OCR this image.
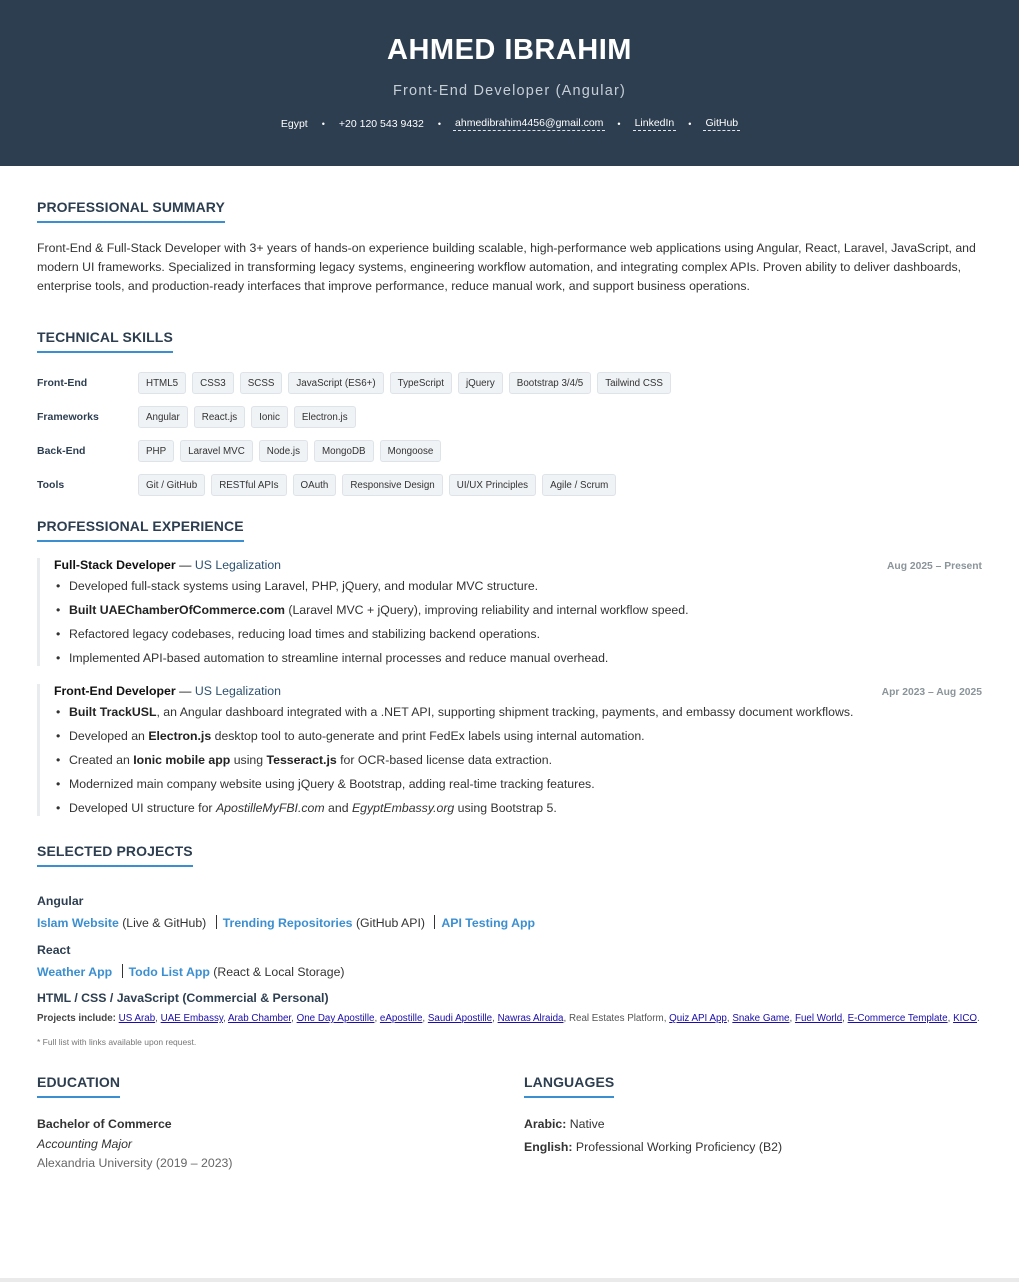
AHMED IBRAHIM
Front-End Developer (Angular)
Egypt • +20 120 543 9432 • ahmedibrahim4456@gmail.com • LinkedIn • GitHub
PROFESSIONAL SUMMARY

Front-End & Full-Stack Developer with 3+ years of hands-on experience building scalable, high-performance web applications using Angular, React, Laravel, JavaScript, and modern UI frameworks. Specialized in transforming legacy systems, engineering workflow automation, and integrating complex APIs. Proven ability to deliver dashboards, enterprise tools, and production-ready interfaces that improve performance, reduce manual work, and support business operations.

TECHNICAL SKILLS
Front-End	HTML5	CSS3	SCSS	JavaScript (ES6+)	TypeScript	jQuery	Bootstrap 3/4/5	Tailwind CSS
Frameworks	Angular	React.js	Ionic	Electron.js
Back-End	PHP	Laravel MVC	Node.js	MongoDB	Mongoose
Tools	Git / GitHub	RESTful APIs	OAuth	Responsive Design	UI/UX Principles	Agile / Scrum
PROFESSIONAL EXPERIENCE
Full-Stack Developer — US Legalization	Aug 2025 – Present
• Developed full-stack systems using Laravel, PHP, jQuery, and modular MVC structure.
• Built UAEChamberOfCommerce.com (Laravel MVC + jQuery), improving reliability and internal workflow speed.
• Refactored legacy codebases, reducing load times and stabilizing backend operations.
• Implemented API-based automation to streamline internal processes and reduce manual overhead.
Front-End Developer — US Legalization	Apr 2023 – Aug 2025
• Built TrackUSL, an Angular dashboard integrated with a .NET API, supporting shipment tracking, payments, and embassy document workflows.
• Developed an Electron.js desktop tool to auto-generate and print FedEx labels using internal automation.
• Created an Ionic mobile app using Tesseract.js for OCR-based license data extraction.
• Modernized main company website using jQuery & Bootstrap, adding real-time tracking features.
• Developed UI structure for ApostilleMyFBI.com and EgyptEmbassy.org using Bootstrap 5.
SELECTED PROJECTS
Angular
Islam Website (Live & GitHub) Trending Repositories (GitHub API) API Testing App
React
Weather App Todo List App (React & Local Storage)
HTML / CSS / JavaScript (Commercial & Personal)
Projects include: US Arab, UAE Embassy, Arab Chamber, One Day Apostille, eApostille, Saudi Apostille, Nawras Alraida, Real Estates Platform, Quiz API App, Snake Game, Fuel World, E-Commerce Template, KICO.
* Full list with links available upon request.
EDUCATION
Bachelor of Commerce
Accounting Major
Alexandria University (2019 – 2023)
LANGUAGES
Arabic: Native
English: Professional Working Proficiency (B2)
